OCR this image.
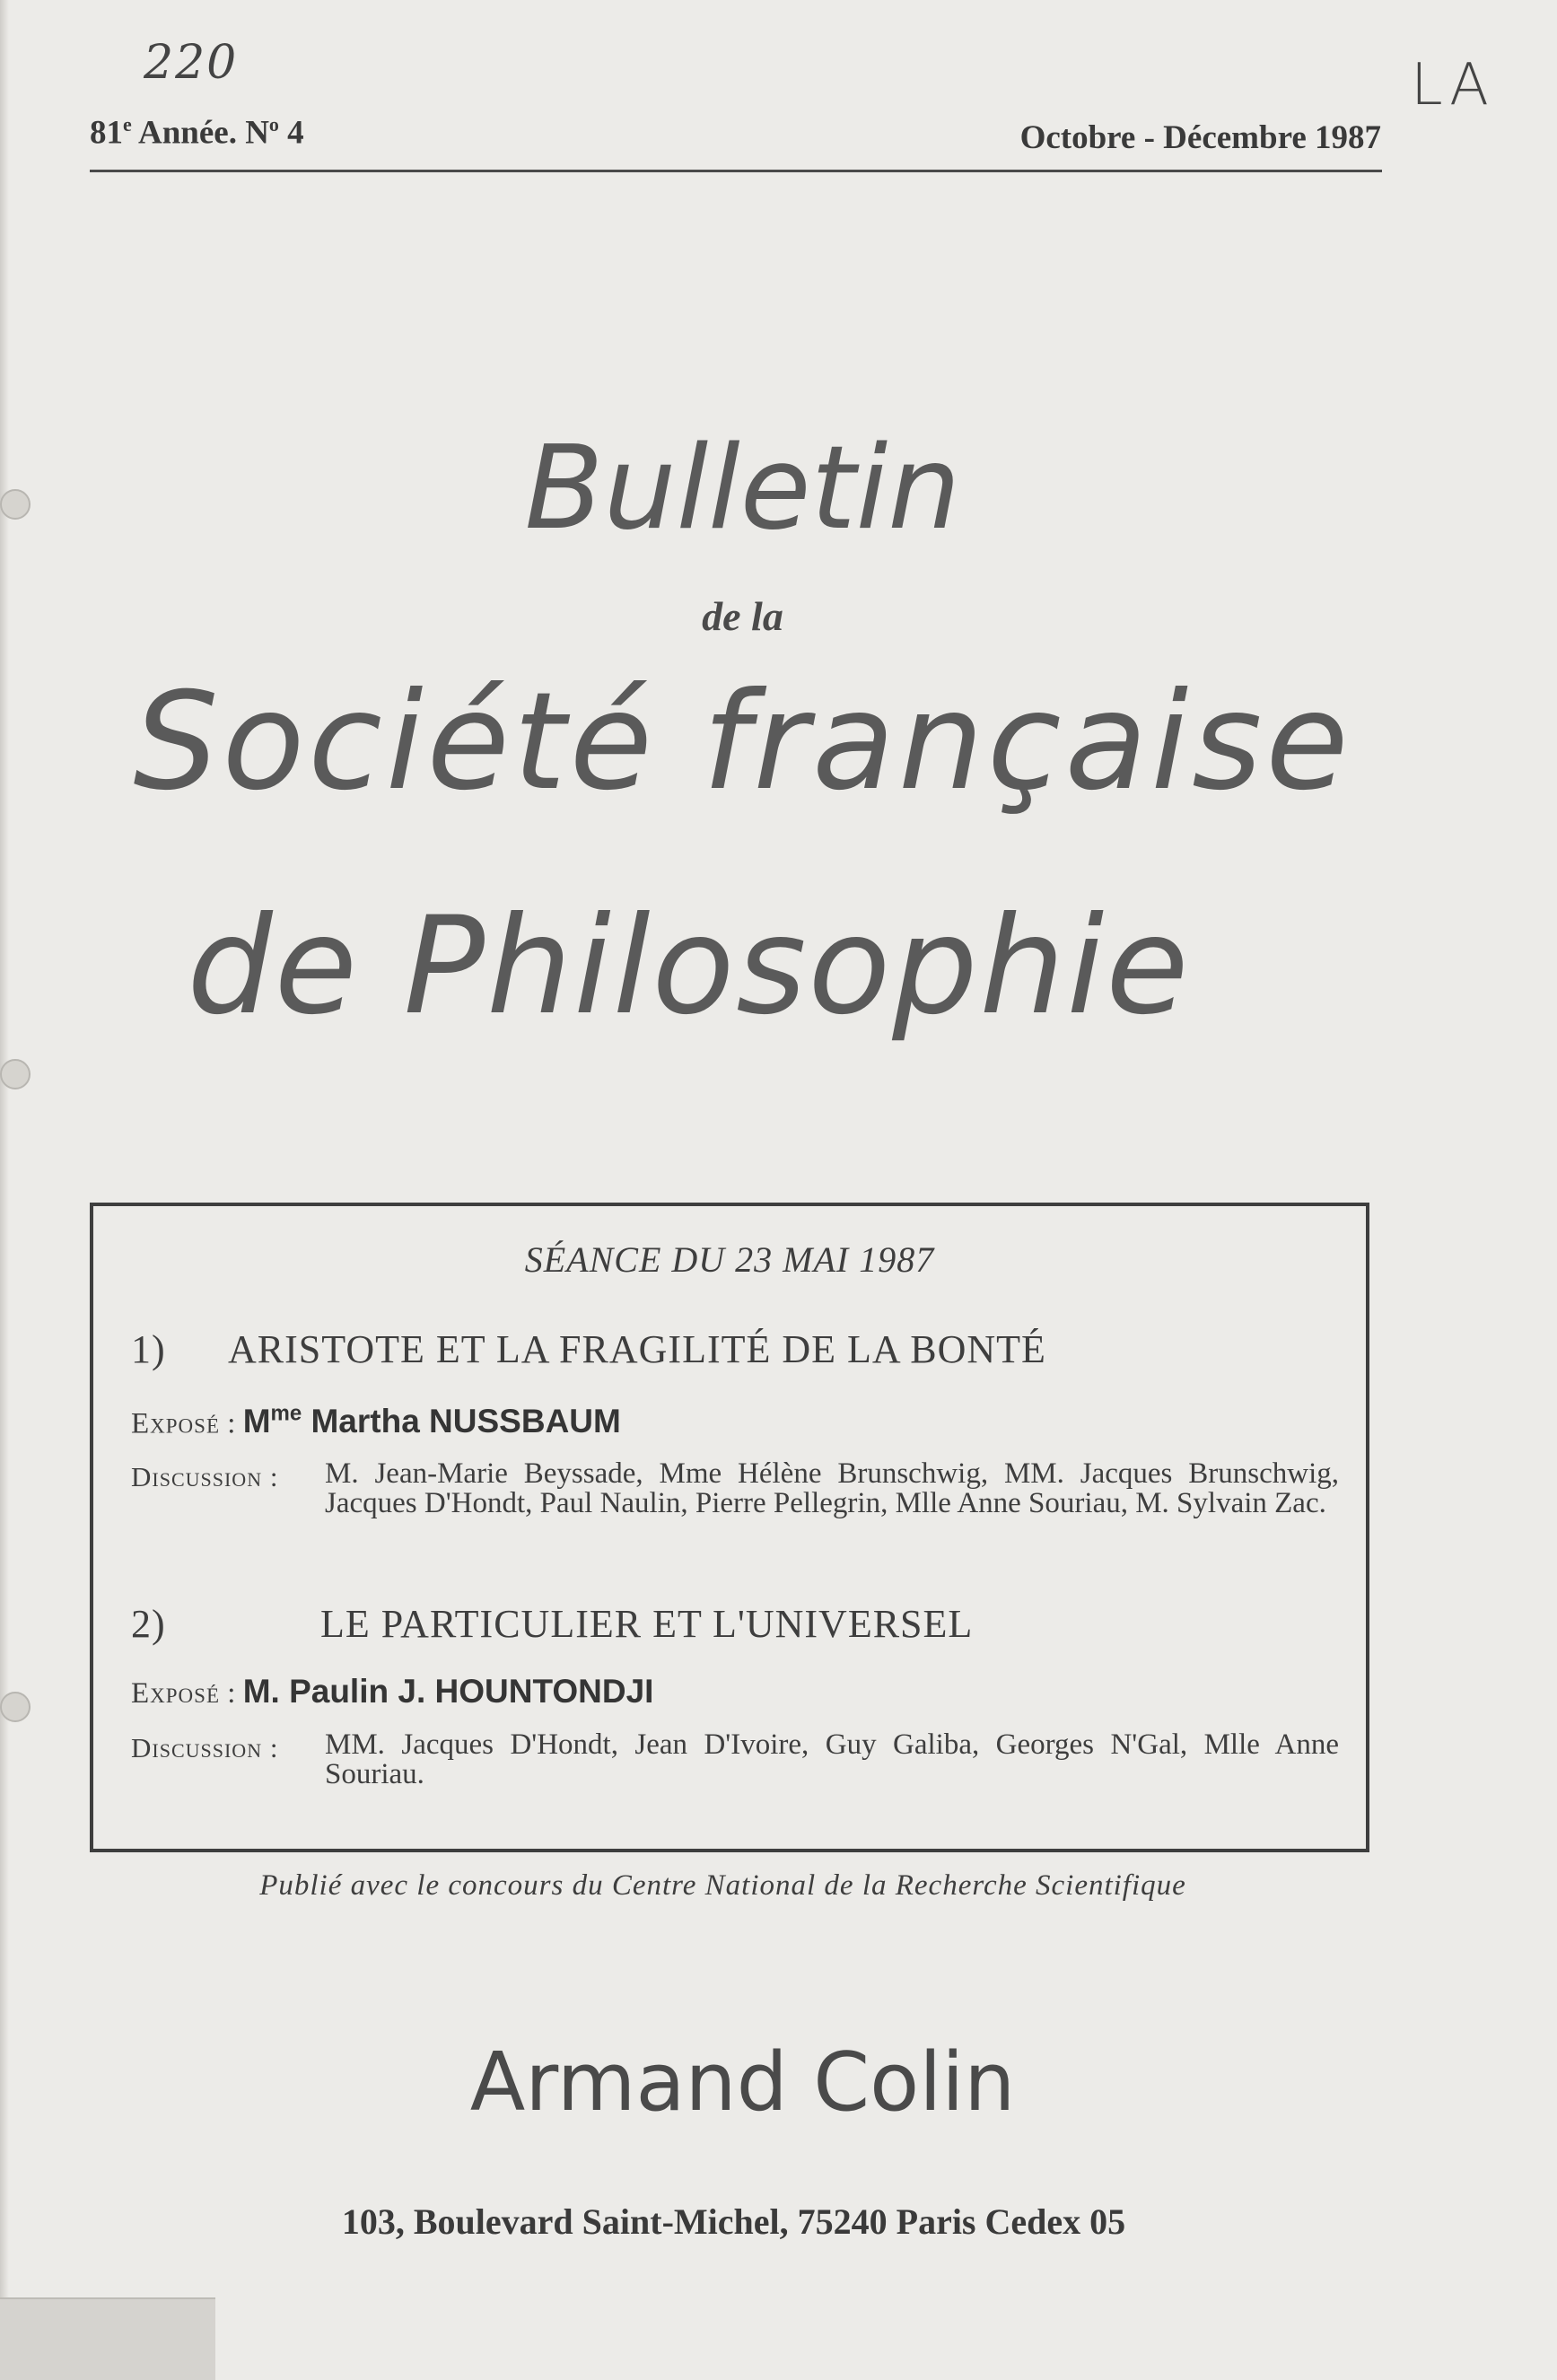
220	LA
81e Année. $N^o$ 4	Octobre - Décembre 1987
Bulletin
de la
Société française
de Philosophie
SÉANCE DU 23 MAI 1987
1) ARISTOTE ET LA FRAGILITÉ DE LA BONTÉ
Exposé : $M^{me}$ Martha NUSSBAUM
Discussion : M. Jean-Marie Beyssade, Mme Hélène Brunschwig, MM. Jacques Brunschwig, Jacques D'Hondt, Paul Naulin, Pierre Pellegrin, Mlle Anne Souriau, M. Sylvain Zac.
2)	LE PARTICULIER ET L'UNIVERSEL
Exposé : M. Paulin J. HOUNTONDJI
Discussion : MM. Jacques D'Hondt, Jean D'Ivoire, Guy Galiba, Georges N'Gal, Mlle Anne Souriau.
Publié avec le concours du Centre National de la Recherche Scientifique
Armand Colin
103, Boulevard Saint-Michel, 75240 Paris Cedex 05
